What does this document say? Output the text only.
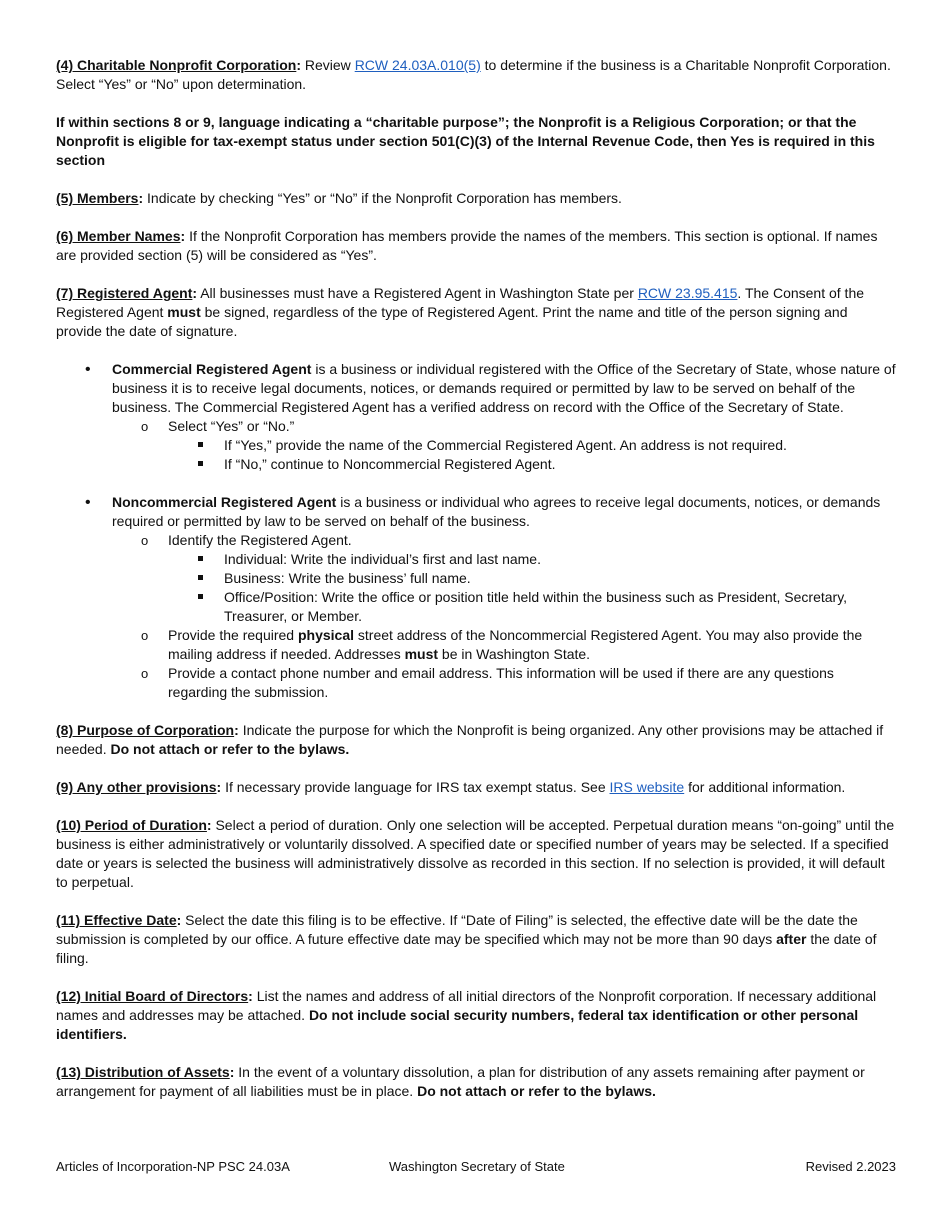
(4) Charitable Nonprofit Corporation: Review RCW 24.03A.010(5) to determine if the business is a Charitable Nonprofit Corporation. Select “Yes” or “No” upon determination.

If within sections 8 or 9, language indicating a “charitable purpose”; the Nonprofit is a Religious Corporation; or that the Nonprofit is eligible for tax-exempt status under section 501(C)(3) of the Internal Revenue Code, then Yes is required in this section

(5) Members: Indicate by checking “Yes” or “No” if the Nonprofit Corporation has members.

(6) Member Names: If the Nonprofit Corporation has members provide the names of the members. This section is optional. If names are provided section (5) will be considered as “Yes”.

(7) Registered Agent: All businesses must have a Registered Agent in Washington State per RCW 23.95.415. The Consent of the Registered Agent must be signed, regardless of the type of Registered Agent. Print the name and title of the person signing and provide the date of signature.

• Commercial Registered Agent is a business or individual registered with the Office of the Secretary of State, whose nature of business it is to receive legal documents, notices, or demands required or permitted by law to be served on behalf of the business. The Commercial Registered Agent has a verified address on record with the Office of the Secretary of State.
o Select “Yes” or “No.”
If “Yes,” provide the name of the Commercial Registered Agent. An address is not required.
If “No,” continue to Noncommercial Registered Agent.
• Noncommercial Registered Agent is a business or individual who agrees to receive legal documents, notices, or demands required or permitted by law to be served on behalf of the business.
o Identify the Registered Agent.
Individual: Write the individual’s first and last name.
Business: Write the business’ full name.
Office/Position: Write the office or position title held within the business such as President, Secretary, Treasurer, or Member.
o Provide the required physical street address of the Noncommercial Registered Agent. You may also provide the mailing address if needed. Addresses must be in Washington State.
o Provide a contact phone number and email address. This information will be used if there are any questions regarding the submission.

(8) Purpose of Corporation: Indicate the purpose for which the Nonprofit is being organized. Any other provisions may be attached if needed. Do not attach or refer to the bylaws.

(9) Any other provisions: If necessary provide language for IRS tax exempt status. See IRS website for additional information.

(10) Period of Duration: Select a period of duration. Only one selection will be accepted. Perpetual duration means “on-going” until the business is either administratively or voluntarily dissolved. A specified date or specified number of years may be selected. If a specified date or years is selected the business will administratively dissolve as recorded in this section. If no selection is provided, it will default to perpetual.

(11) Effective Date: Select the date this filing is to be effective. If “Date of Filing” is selected, the effective date will be the date the submission is completed by our office. A future effective date may be specified which may not be more than 90 days after the date of filing.

(12) Initial Board of Directors: List the names and address of all initial directors of the Nonprofit corporation. If necessary additional names and addresses may be attached. Do not include social security numbers, federal tax identification or other personal identifiers.

(13) Distribution of Assets: In the event of a voluntary dissolution, a plan for distribution of any assets remaining after payment or arrangement for payment of all liabilities must be in place. Do not attach or refer to the bylaws.

Articles of Incorporation-NP PSC 24.03A	Washington Secretary of State	Revised 2.2023
